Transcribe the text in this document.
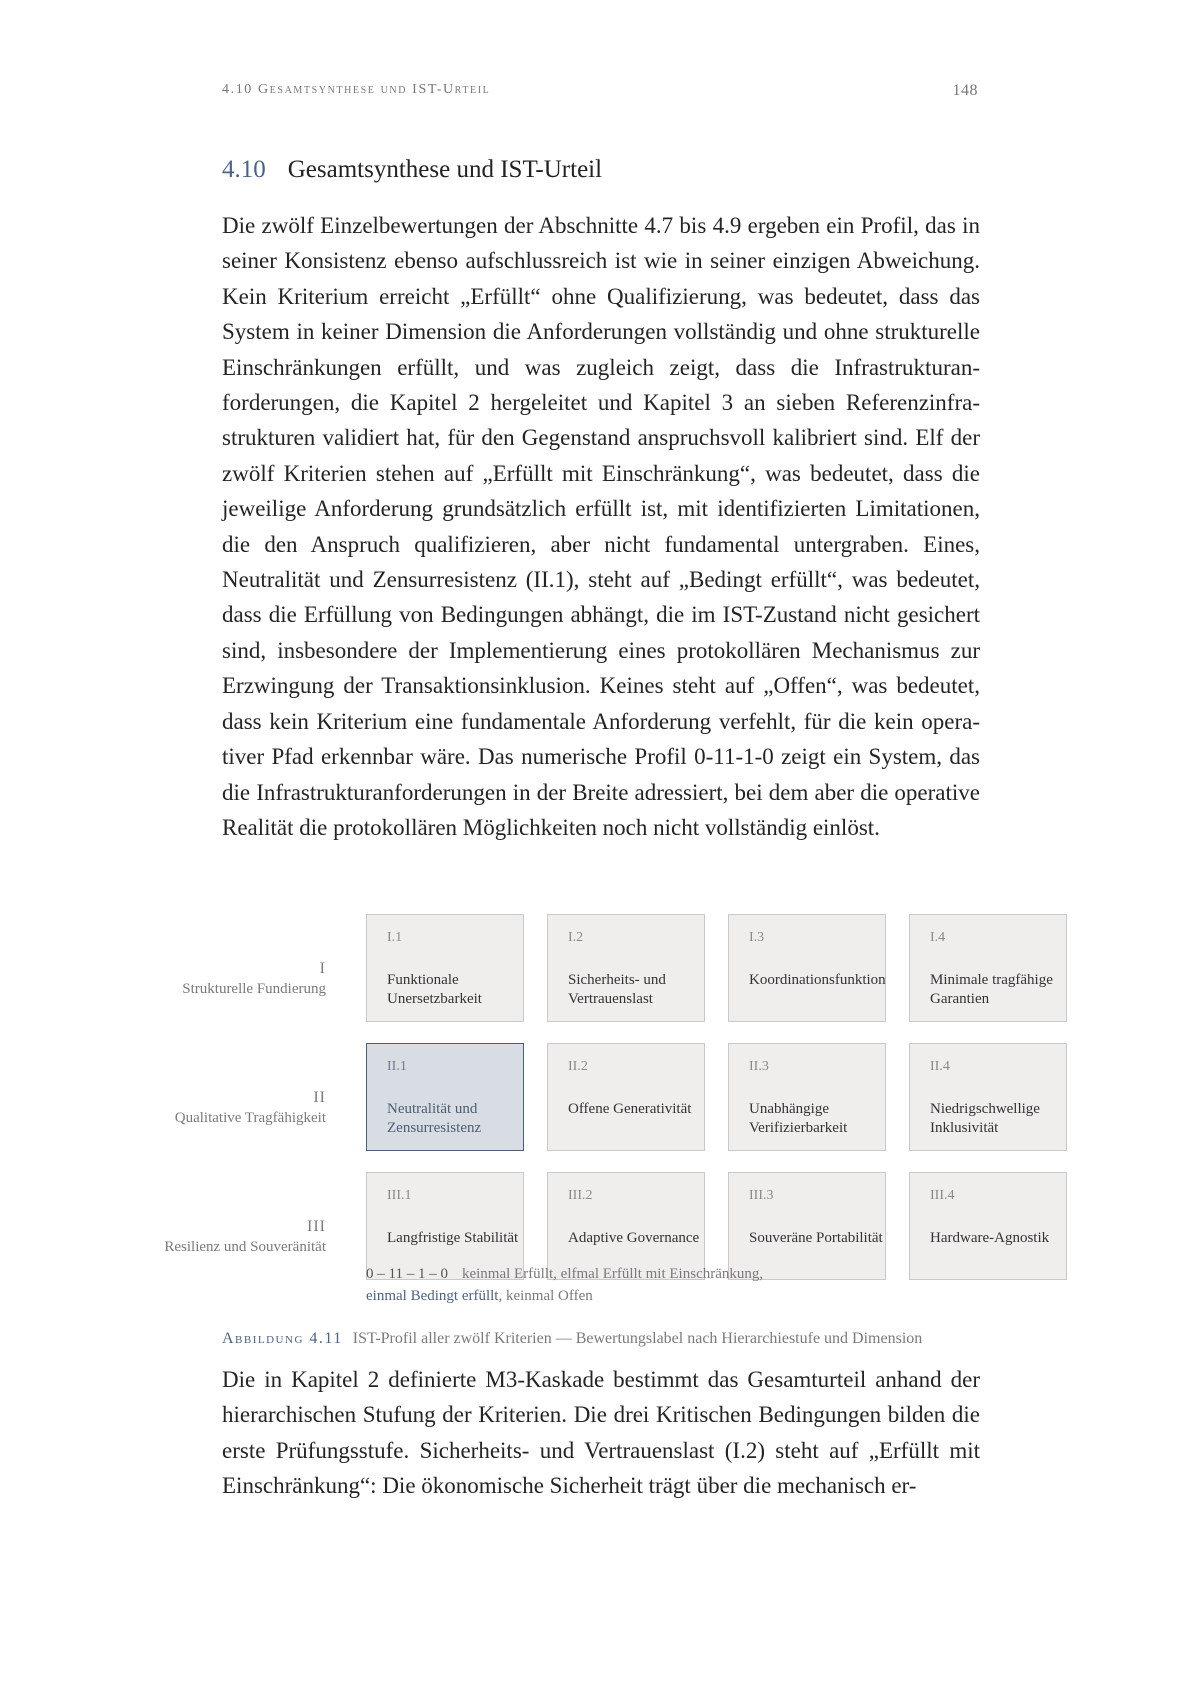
4.10 Gesamtsynthese und IST-Urteil	148
4.10 Gesamtsynthese und IST-Urteil

Die zwölf Einzelbewertungen der Abschnitte 4.7 bis 4.9 ergeben ein Profil, das in seiner Konsistenz ebenso aufschlussreich ist wie in seiner einzigen Abweichung. Kein Kriterium erreicht „Erfüllt“ ohne Qualifizierung, was bedeutet, dass das System in keiner Dimension die Anforderungen vollständig und ohne strukturelle Einschränkungen erfüllt, und was zugleich zeigt, dass die Infrastrukturanforderungen, die Kapitel 2 hergeleitet und Kapitel 3 an sieben Referenzinfrastrukturen validiert hat, für den Gegenstand anspruchsvoll kalibriert sind. Elf der zwölf Kriterien stehen auf „Erfüllt mit Einschränkung“, was bedeutet, dass die jeweilige Anforderung grundsätzlich erfüllt ist, mit identifizierten Limitationen, die den Anspruch qualifizieren, aber nicht fundamental untergraben. Eines, Neutralität und Zensurresistenz (II.1), steht auf „Bedingt erfüllt“, was bedeutet, dass die Erfüllung von Bedingungen abhängt, die im IST-Zustand nicht gesichert sind, insbesondere der Implementierung eines protokollären Mechanismus zur Erzwingung der Transaktionsinklusion. Keines steht auf „Offen“, was bedeutet, dass kein Kriterium eine fundamentale Anforderung verfehlt, für die kein operativer Pfad erkennbar wäre. Das numerische Profil 0-11-1-0 zeigt ein System, das die Infrastrukturanforderungen in der Breite adressiert, bei dem aber die operative Realität die protokollären Möglichkeiten noch nicht vollständig einlöst.

I
Strukturelle Fundierung
I.1
Funktionale Unersetzbarkeit
I.2
Sicherheits- und Vertrauenslast
I.3
Koordinationsfunktion
I.4
Minimale tragfähige Garantien
II
Qualitative Tragfähigkeit
II.1
Neutralität und Zensurresistenz
II.2
Offene Generativität
II.3
Unabhängige Verifizierbarkeit
II.4
Niedrigschwellige Inklusivität
III
Resilienz und Souveränität
III.1
Langfristige Stabilität
III.2
Adaptive Governance
III.3
Souveräne Portabilität
III.4
Hardware-Agnostik
0 – 11 – 1 – 0 keinmal Erfüllt, elfmal Erfüllt mit Einschränkung,
einmal Bedingt erfüllt, keinmal Offen
Abbildung 4.11 IST-Profil aller zwölf Kriterien — Bewertungslabel nach Hierarchiestufe und Dimension

Die in Kapitel 2 definierte M3-Kaskade bestimmt das Gesamturteil anhand der hierarchischen Stufung der Kriterien. Die drei Kritischen Bedingungen bilden die erste Prüfungsstufe. Sicherheits- und Vertrauenslast (I.2) steht auf „Erfüllt mit Einschränkung“: Die ökonomische Sicherheit trägt über die mechanisch er-
